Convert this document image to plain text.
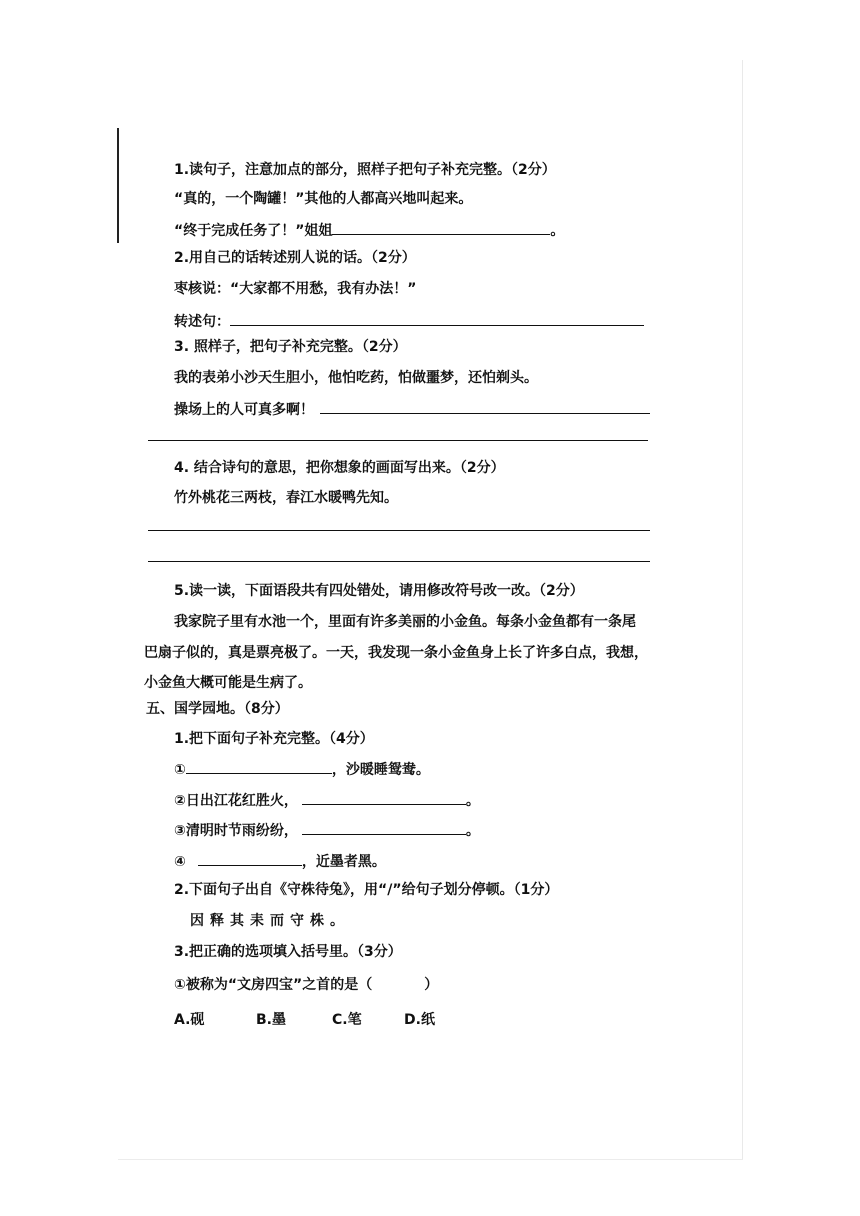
1.读句子，注意加点的部分，照样子把句子补充完整。（2分）
“真的，一个陶罐！”其他的人都高兴地叫起来。
“终于完成任务了！”姐姐	。
2.用自己的话转述别人说的话。（2分）
枣核说：“大家都不用愁，我有办法！”
转述句：
3. 照样子，把句子补充完整。（2分）
我的表弟小沙天生胆小，他怕吃药，怕做噩梦，还怕剃头。
操场上的人可真多啊！
4. 结合诗句的意思，把你想象的画面写出来。（2分）
竹外桃花三两枝，春江水暖鸭先知。
5.读一读，下面语段共有四处错处，请用修改符号改一改。（2分）
我家院子里有水池一个，里面有许多美丽的小金鱼。每条小金鱼都有一条尾
巴扇子似的，真是票亮极了。一天，我发现一条小金鱼身上长了许多白点，我想，
小金鱼大概可能是生病了。
五、国学园地。（8分）
1.把下面句子补充完整。（4分）
①	，沙暖睡鸳鸯。
②日出江花红胜火，	。
③清明时节雨纷纷，	。
④	，近墨者黑。
2.下面句子出自《守株待兔》，用“/”给句子划分停顿。（1分）
因释其耒而守株。
3.把正确的选项填入括号里。（3分）
①被称为“文房四宝”之首的是（	）
A.砚	B.墨	C.笔	D.纸
